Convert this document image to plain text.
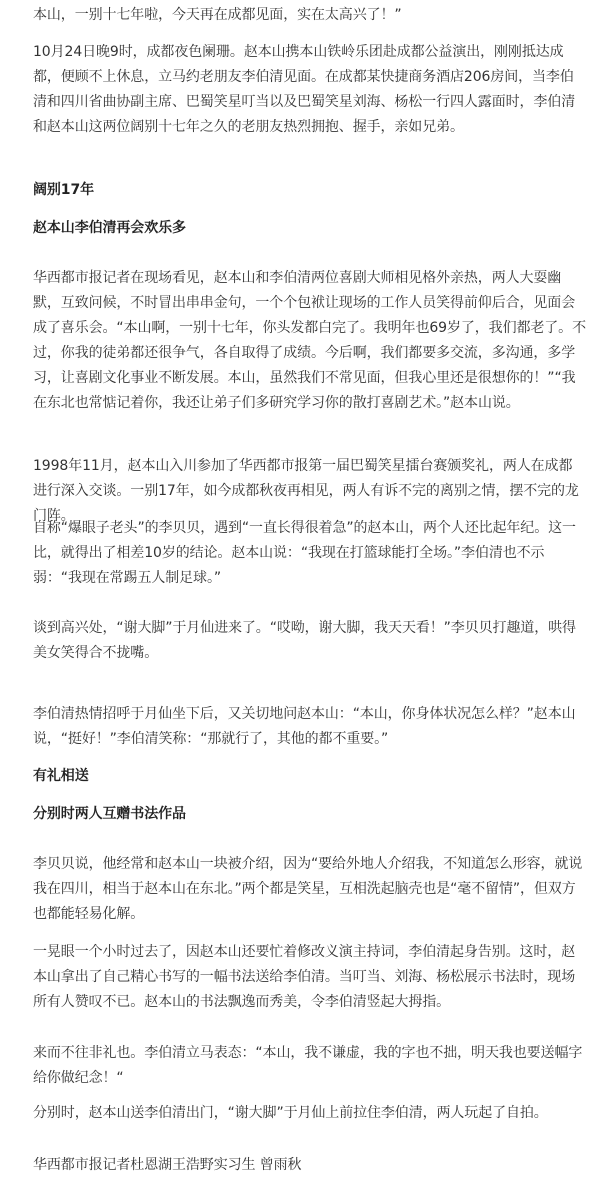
本山，一别十七年啦，今天再在成都见面，实在太高兴了！”

10月24日晚9时，成都夜色阑珊。赵本山携本山铁岭乐团赴成都公益演出，刚刚抵达成都，便顾不上休息，立马约老朋友李伯清见面。在成都某快捷商务酒店206房间，当李伯清和四川省曲协副主席、巴蜀笑星叮当以及巴蜀笑星刘海、杨松一行四人露面时，李伯清和赵本山这两位阔别十七年之久的老朋友热烈拥抱、握手，亲如兄弟。

阔别17年

赵本山李伯清再会欢乐多

华西都市报记者在现场看见，赵本山和李伯清两位喜剧大师相见格外亲热，两人大耍幽默，互致问候，不时冒出串串金句，一个个包袱让现场的工作人员笑得前仰后合，见面会成了喜乐会。“本山啊，一别十七年，你头发都白完了。我明年也69岁了，我们都老了。不过，你我的徒弟都还很争气，各自取得了成绩。今后啊，我们都要多交流，多沟通，多学习，让喜剧文化事业不断发展。本山，虽然我们不常见面，但我心里还是很想你的！”“我在东北也常惦记着你，我还让弟子们多研究学习你的散打喜剧艺术。”赵本山说。

1998年11月，赵本山入川参加了华西都市报第一届巴蜀笑星擂台赛颁奖礼，两人在成都进行深入交谈。一别17年，如今成都秋夜再相见，两人有诉不完的离别之情，摆不完的龙门阵。

自称“爆眼子老头”的李贝贝，遇到“一直长得很着急”的赵本山，两个人还比起年纪。这一比，就得出了相差10岁的结论。赵本山说：“我现在打篮球能打全场。”李伯清也不示弱：“我现在常踢五人制足球。”

谈到高兴处，“谢大脚”于月仙进来了。“哎呦，谢大脚，我天天看！”李贝贝打趣道，哄得美女笑得合不拢嘴。

李伯清热情招呼于月仙坐下后，又关切地问赵本山：“本山，你身体状况怎么样？”赵本山说，“挺好！”李伯清笑称：“那就行了，其他的都不重要。”

有礼相送

分别时两人互赠书法作品

李贝贝说，他经常和赵本山一块被介绍，因为“要给外地人介绍我，不知道怎么形容，就说我在四川，相当于赵本山在东北。”两个都是笑星，互相洗起脑壳也是“毫不留情”，但双方也都能轻易化解。

一晃眼一个小时过去了，因赵本山还要忙着修改义演主持词，李伯清起身告别。这时，赵本山拿出了自己精心书写的一幅书法送给李伯清。当叮当、刘海、杨松展示书法时，现场所有人赞叹不已。赵本山的书法飘逸而秀美，令李伯清竖起大拇指。

来而不往非礼也。李伯清立马表态：“本山，我不谦虚，我的字也不拙，明天我也要送幅字给你做纪念！“

分别时，赵本山送李伯清出门，“谢大脚”于月仙上前拉住李伯清，两人玩起了自拍。

华西都市报记者杜恩湖王浩野实习生 曾雨秋
